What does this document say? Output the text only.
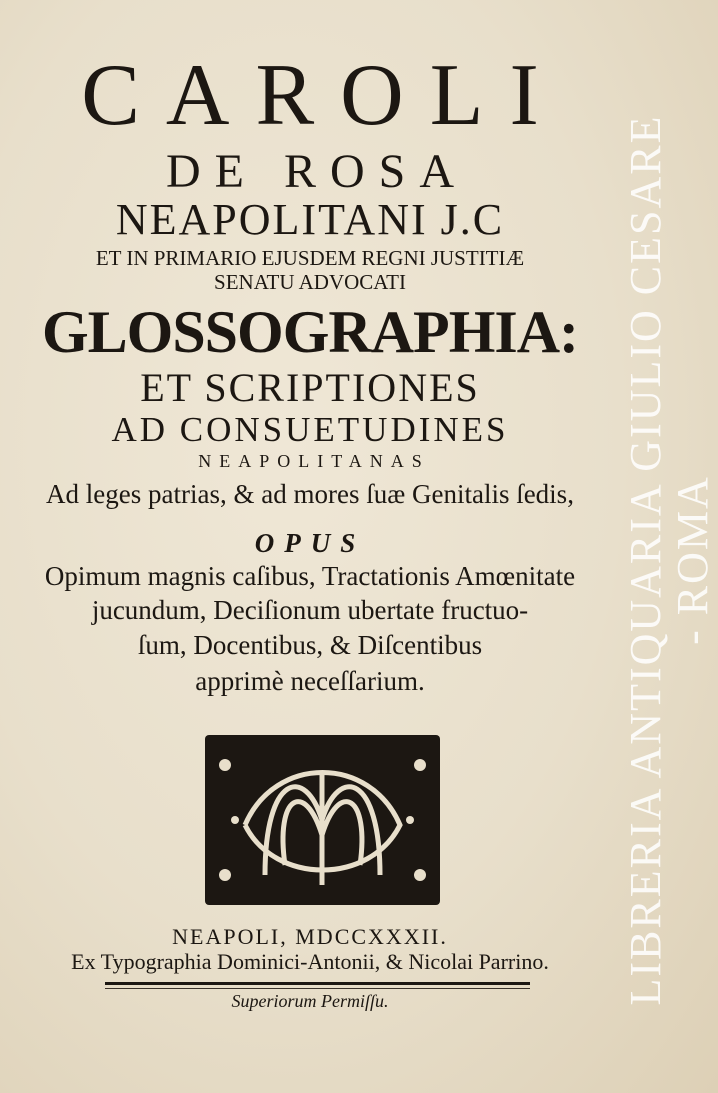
CAROLI
DE ROSA
NEAPOLITANI J.C
ET IN PRIMARIO EJUSDEM REGNI JUSTITIÆ
SENATU ADVOCATI
GLOSSOGRAPHIA:
ET SCRIPTIONES
AD CONSUETUDINES
NEAPOLITANAS
Ad leges patrias, & ad mores ſuæ Genitalis ſedis,
OPUS
Opimum magnis caſibus, Tractationis Amœnitate
jucundum, Deciſionum ubertate fructuo-
ſum, Docentibus, & Diſcentibus
apprimè neceſſarium.
NEAPOLI, MDCCXXXII.
Ex Typographia Dominici-Antonii, & Nicolai Parrino.
Superiorum Permiſſu.	LIBRERIA ANTIQUARIA GIULIO CESARE - ROMA
